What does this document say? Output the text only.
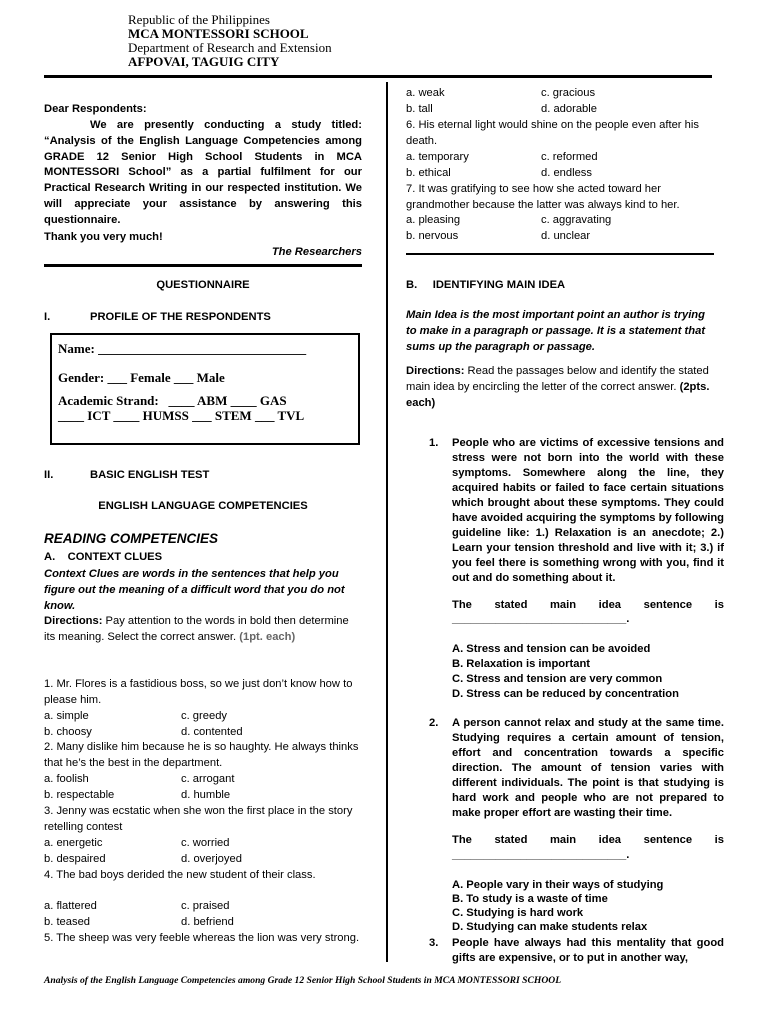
Republic of the Philippines
MCA MONTESSORI SCHOOL
Department of Research and Extension
AFPOVAI, TAGUIG CITY
Dear Respondents:
We are presently conducting a study titled: “Analysis of the English Language Competencies among GRADE 12 Senior High School Students in MCA MONTESSORI School” as a partial fulfilment for our Practical Research Writing in our respected institution. We will appreciate your assistance by answering this questionnaire.
Thank you very much!
The Researchers
QUESTIONNAIRE
I.	PROFILE OF THE RESPONDENTS
Name: ________________________________
Gender: ___ Female ___ Male
Academic Strand:   ____ ABM ____ GAS
____ ICT ____ HUMSS ___ STEM ___ TVL
II.	BASIC ENGLISH TEST
ENGLISH LANGUAGE COMPETENCIES
READING COMPETENCIES
A.    CONTEXT CLUES
Context Clues are words in the sentences that help you figure out the meaning of a difficult word that you do not know.
Directions: Pay attention to the words in bold then determine its meaning. Select the correct answer. (1pt. each)
1. Mr. Flores is a fastidious boss, so we just don’t know how to please him.
a. simple	c. greedy
b. choosy	d. contented
2. Many dislike him because he is so haughty. He always thinks that he’s the best in the department.
a. foolish	c. arrogant
b. respectable	d. humble
3. Jenny was ecstatic when she won the first place in the story retelling contest
a. energetic	c. worried
b. despaired	d. overjoyed
4. The bad boys derided the new student of their class.
a. flattered	c. praised
b. teased	d. befriend
5. The sheep was very feeble whereas the lion was very strong.
a. weak	c. gracious
b. tall	d. adorable
6. His eternal light would shine on the people even after his death.
a. temporary	c. reformed
b. ethical	d. endless
7. It was gratifying to see how she acted toward her grandmother because the latter was always kind to her.
a. pleasing	c. aggravating
b. nervous	d. unclear
B.     IDENTIFYING MAIN IDEA
Main Idea is the most important point an author is trying to make in a paragraph or passage. It is a statement that sums up the paragraph or passage.
Directions: Read the passages below and identify the stated main idea by encircling the letter of the correct answer. (2pts. each)
1. People who are victims of excessive tensions and stress were not born into the world with these symptoms. Somewhere along the line, they acquired habits or failed to face certain situations which brought about these symptoms. They could have avoided acquiring the symptoms by following guideline like: 1.) Relaxation is an anecdote; 2.) Learn your tension threshold and live with it; 3.) if you feel there is something wrong with you, find it out and do something about it.
The stated main idea sentence is
____________________________.
A. Stress and tension can be avoided
B. Relaxation is important
C. Stress and tension are very common
D. Stress can be reduced by concentration
2. A person cannot relax and study at the same time. Studying requires a certain amount of tension, effort and concentration towards a specific direction. The amount of tension varies with different individuals. The point is that studying is hard work and people who are not prepared to make proper effort are wasting their time.
The stated main idea sentence is
____________________________.
A. People vary in their ways of studying
B. To study is a waste of time
C. Studying is hard work
D. Studying can make students relax
3. People have always had this mentality that good gifts are expensive, or to put in another way,
Analysis of the English Language Competencies among Grade 12 Senior High School Students in MCA MONTESSORI SCHOOL
